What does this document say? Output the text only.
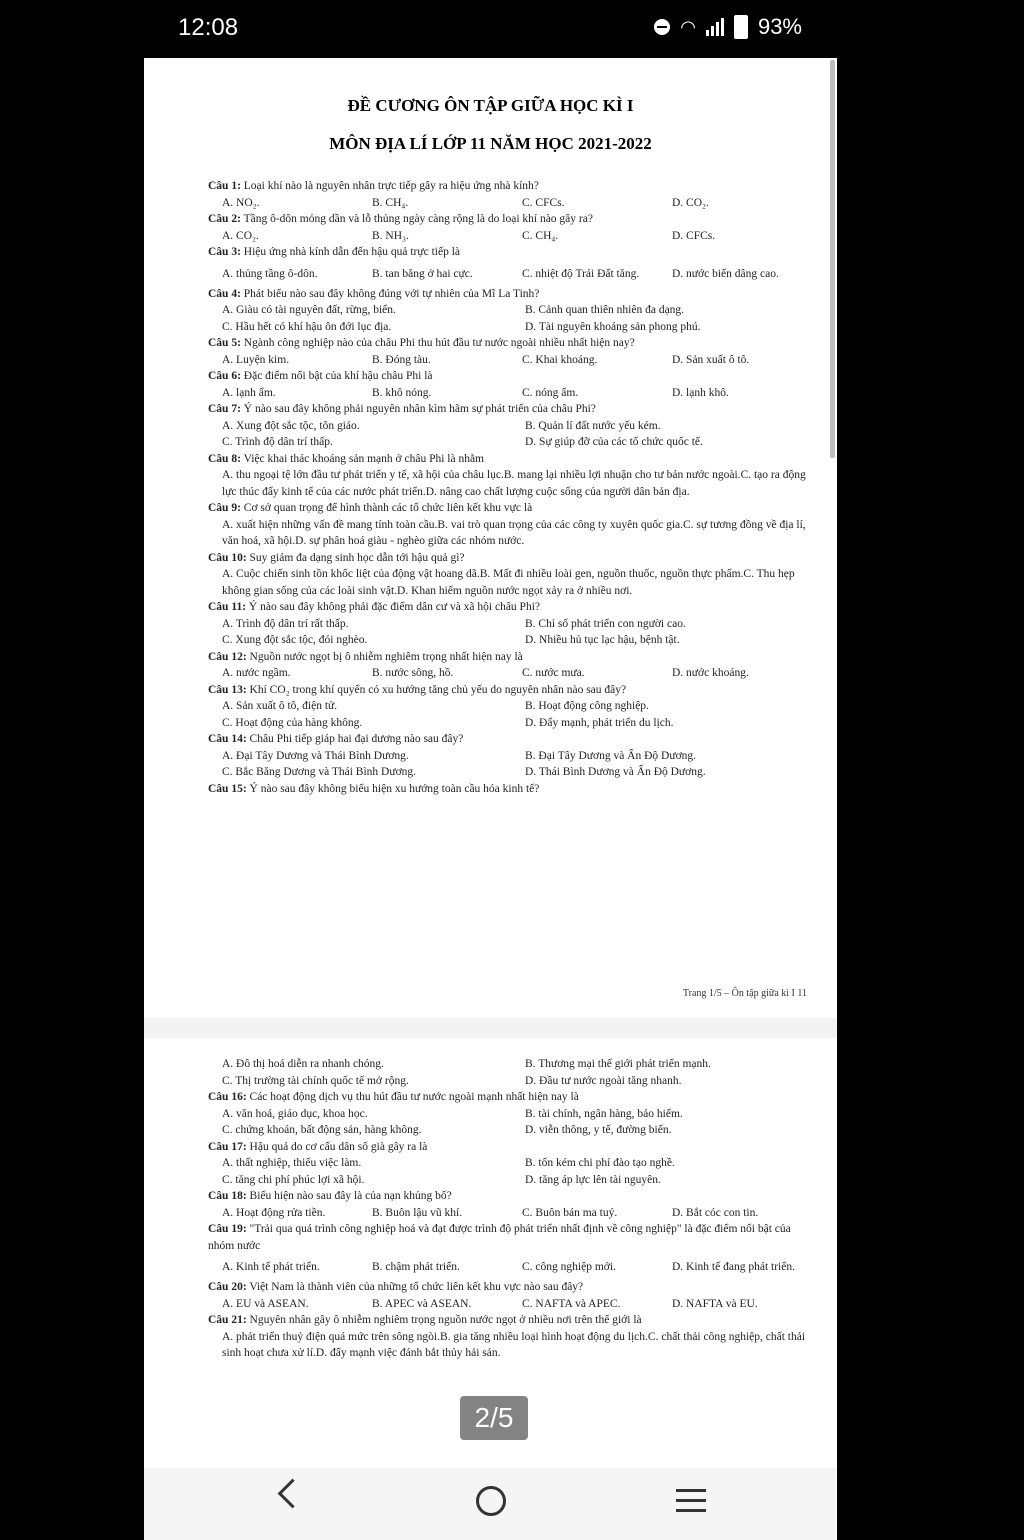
12:08	◠	93%
ĐỀ CƯƠNG ÔN TẬP GIỮA HỌC KÌ I
MÔN ĐỊA LÍ LỚP 11 NĂM HỌC 2021-2022
Câu 1: Loại khí nào là nguyên nhân trực tiếp gây ra hiệu ứng nhà kính?
A. NO₂.	B. CH₄.	C. CFCs.	D. CO₂.
Câu 2: Tầng ô-dôn mỏng dần và lỗ thủng ngày càng rộng là do loại khí nào gây ra?
A. CO₂.	B. NH₃.	C. CH₄.	D. CFCs.
Câu 3: Hiệu ứng nhà kính dẫn đến hậu quả trực tiếp là
A. thủng tầng ô-dôn.	B. tan băng ở hai cực.	C. nhiệt độ Trái Đất tăng.	D. nước biển dâng cao.
Câu 4: Phát biểu nào sau đây không đúng với tự nhiên của Mĩ La Tinh?
A. Giàu có tài nguyên đất, rừng, biển.	B. Cảnh quan thiên nhiên đa dạng.
C. Hầu hết có khí hậu ôn đới lục địa.	D. Tài nguyên khoáng sản phong phú.
Câu 5: Ngành công nghiệp nào của châu Phi thu hút đầu tư nước ngoài nhiều nhất hiện nay?
A. Luyện kim.	B. Đóng tàu.	C. Khai khoáng.	D. Sản xuất ô tô.
Câu 6: Đặc điểm nổi bật của khí hậu châu Phi là
A. lạnh ẩm.	B. khô nóng.	C. nóng ẩm.	D. lạnh khô.
Câu 7: Ý nào sau đây không phải nguyên nhân kìm hãm sự phát triển của châu Phi?
A. Xung đột sắc tộc, tôn giáo.	B. Quản lí đất nước yếu kém.
C. Trình độ dân trí thấp.	D. Sự giúp đỡ của các tổ chức quốc tế.
Câu 8: Việc khai thác khoáng sản mạnh ở châu Phi là nhằm
A. thu ngoại tệ lớn đầu tư phát triển y tế, xã hội của châu lục.B. mang lại nhiều lợi nhuận cho tư bản nước ngoài.C. tạo ra động lực thúc đẩy kinh tế của các nước phát triển.D. nâng cao chất lượng cuộc sống của người dân bản địa.
Câu 9: Cơ sở quan trọng để hình thành các tổ chức liên kết khu vực là
A. xuất hiện những vấn đề mang tính toàn cầu.B. vai trò quan trọng của các công ty xuyên quốc gia.C. sự tương đồng về địa lí, văn hoá, xã hội.D. sự phân hoá giàu - nghèo giữa các nhóm nước.
Câu 10: Suy giảm đa dạng sinh học dẫn tới hậu quả gì?
A. Cuộc chiến sinh tồn khốc liệt của động vật hoang dã.B. Mất đi nhiều loài gen, nguồn thuốc, nguồn thực phẩm.C. Thu hẹp không gian sống của các loài sinh vật.D. Khan hiếm nguồn nước ngọt xảy ra ở nhiều nơi.
Câu 11: Ý nào sau đây không phải đặc điểm dân cư và xã hội châu Phi?
A. Trình độ dân trí rất thấp.	B. Chỉ số phát triển con người cao.
C. Xung đột sắc tộc, đói nghèo.	D. Nhiều hủ tục lạc hậu, bệnh tật.
Câu 12: Nguồn nước ngọt bị ô nhiễm nghiêm trọng nhất hiện nay là
A. nước ngầm.	B. nước sông, hồ.	C. nước mưa.	D. nước khoáng.
Câu 13: Khí CO₂ trong khí quyển có xu hướng tăng chủ yếu do nguyên nhân nào sau đây?
A. Sản xuất ô tô, điện tử.	B. Hoạt động công nghiệp.
C. Hoạt động của hàng không.	D. Đẩy mạnh, phát triển du lịch.
Câu 14: Châu Phi tiếp giáp hai đại dương nào sau đây?
A. Đại Tây Dương và Thái Bình Dương.	B. Đại Tây Dương và Ấn Độ Dương.
C. Bắc Băng Dương và Thái Bình Dương.	D. Thái Bình Dương và Ấn Độ Dương.
Câu 15: Ý nào sau đây không biểu hiện xu hướng toàn cầu hóa kinh tế?
Trang 1/5 – Ôn tập giữa kì I 11
A. Đô thị hoá diễn ra nhanh chóng.	B. Thương mại thế giới phát triển mạnh.
C. Thị trường tài chính quốc tế mở rộng.	D. Đầu tư nước ngoài tăng nhanh.
Câu 16: Các hoạt động dịch vụ thu hút đầu tư nước ngoài mạnh nhất hiện nay là
A. văn hoá, giáo dục, khoa học.	B. tài chính, ngân hàng, bảo hiểm.
C. chứng khoán, bất động sản, hàng không.	D. viễn thông, y tế, đường biển.
Câu 17: Hậu quả do cơ cấu dân số già gây ra là
A. thất nghiệp, thiếu việc làm.	B. tốn kém chi phí đào tạo nghề.
C. tăng chi phí phúc lợi xã hội.	D. tăng áp lực lên tài nguyên.
Câu 18: Biểu hiện nào sau đây là của nạn khủng bố?
A. Hoạt động rửa tiền.	B. Buôn lậu vũ khí.	C. Buôn bán ma tuý.	D. Bắt cóc con tin.
Câu 19: "Trải qua quá trình công nghiệp hoá và đạt được trình độ phát triển nhất định về công nghiệp" là đặc điểm nổi bật của nhóm nước
A. Kinh tế phát triển.	B. chậm phát triển.	C. công nghiệp mới.	D. Kinh tế đang phát triển.
Câu 20: Việt Nam là thành viên của những tổ chức liên kết khu vực nào sau đây?
A. EU và ASEAN.	B. APEC và ASEAN.	C. NAFTA và APEC.	D. NAFTA và EU.
Câu 21: Nguyên nhân gây ô nhiễm nghiêm trọng nguồn nước ngọt ở nhiều nơi trên thế giới là
A. phát triển thuỷ điện quá mức trên sông ngòi.B. gia tăng nhiều loại hình hoạt động du lịch.C. chất thải công nghiệp, chất thải sinh hoạt chưa xử lí.D. đẩy mạnh việc đánh bắt thủy hải sản.
2/5
